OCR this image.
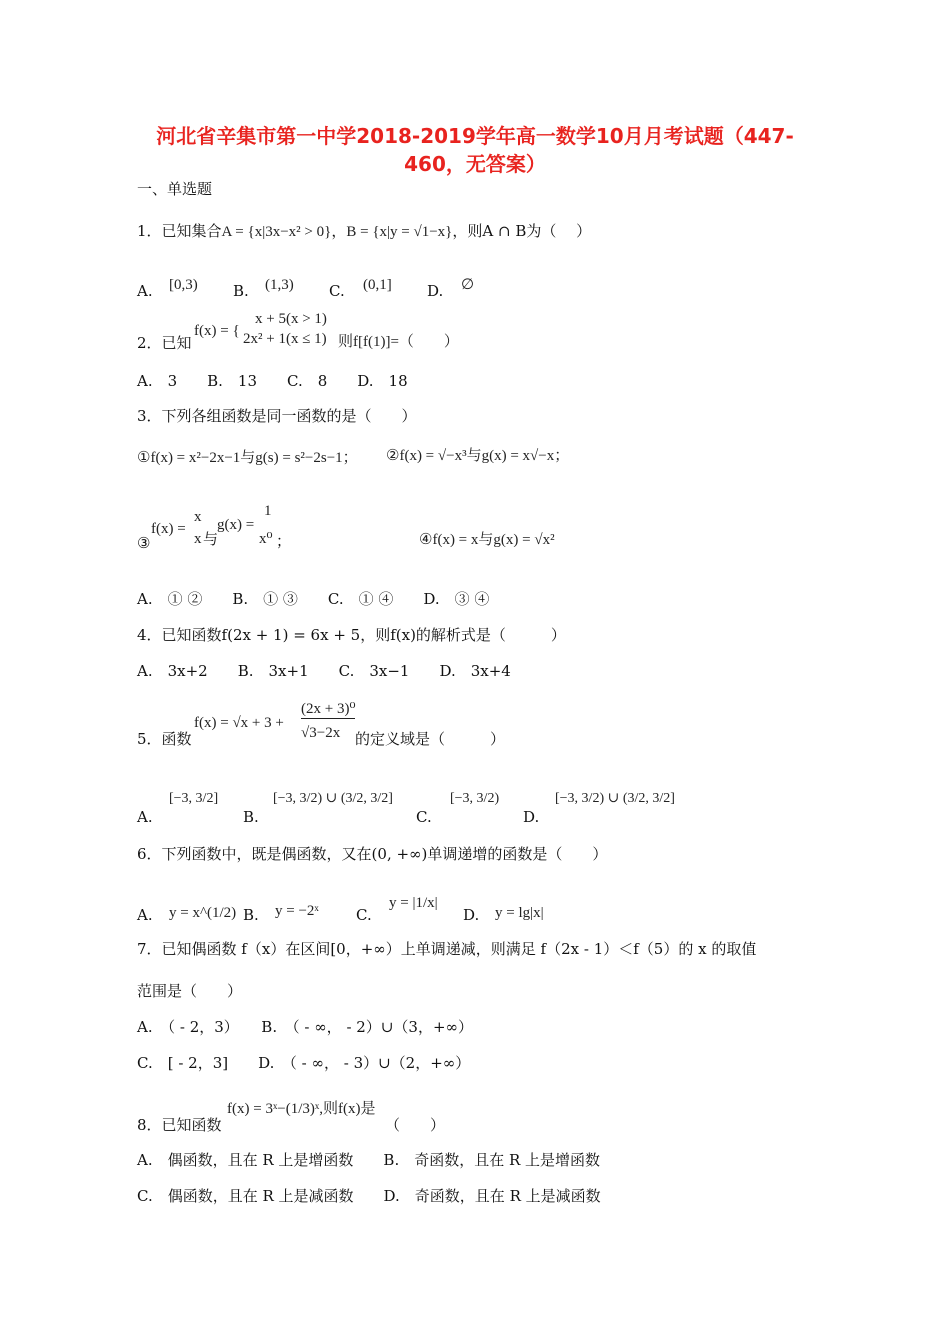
河北省辛集市第一中学2018-2019学年高一数学10月月考试题（447-
460，无答案）
一、单选题
1．已知集合A = {x|3x−x² > 0}，B = {x|y = √1−x}，则A ∩ B为（　 ）
A. [0,3) B. (1,3) C. (0,1] D. ∅
2．已知
f(x) = {
x + 5(x > 1)
2x² + 1(x ≤ 1) 则f[f(1)]=（　　）
A.　3　　B.　13　　C.　8　　D.　18
3．下列各组函数是同一函数的是（　　）
①f(x) = x²−2x−1与g(s) = s²−2s−1； ②f(x) = √−x³与g(x) = x√−x；
③
f(x) =
x
x 与
g(x) =
1
x⁰ ；	④f(x) = x与g(x) = √x²
A.　① ②　　B.　① ③　　C.　① ④　　D.　③ ④
4．已知函数f(2x + 1) = 6x + 5，则f(x)的解析式是（　　　）
A.　3x+2　　B.　3x+1　　C.　3x−1　　D.　3x+4
5．函数
f(x) = √x + 3 +
(2x + 3)⁰
√3−2x 的定义域是（　　　）
A.
[−3, 3/2]
B.
[−3, 3/2) ∪ (3/2, 3/2]
C.
[−3, 3/2)
D.
[−3, 3/2) ∪ (3/2, 3/2]
6．下列函数中，既是偶函数，又在(0, +∞)单调递增的函数是（　　）
A. y = x^(1/2) B. y = −2ˣ C.
y = |1/x|
D. y = lg|x|
7．已知偶函数 f（x）在区间[0，+∞）上单调递减，则满足 f（2x - 1）＜f（5）的 x 的取值
范围是（　　）
A.　（ - 2，3）　　B.　（ - ∞， - 2）∪（3，+∞）
C.　[ - 2，3]　　D.　（ - ∞， - 3）∪（2，+∞）
8．已知函数
f(x) = 3ˣ−(1/3)ˣ,则f(x)是
（　　）
A.　偶函数，且在 R 上是增函数　　B.　奇函数，且在 R 上是增函数
C.　偶函数，且在 R 上是减函数　　D.　奇函数，且在 R 上是减函数
